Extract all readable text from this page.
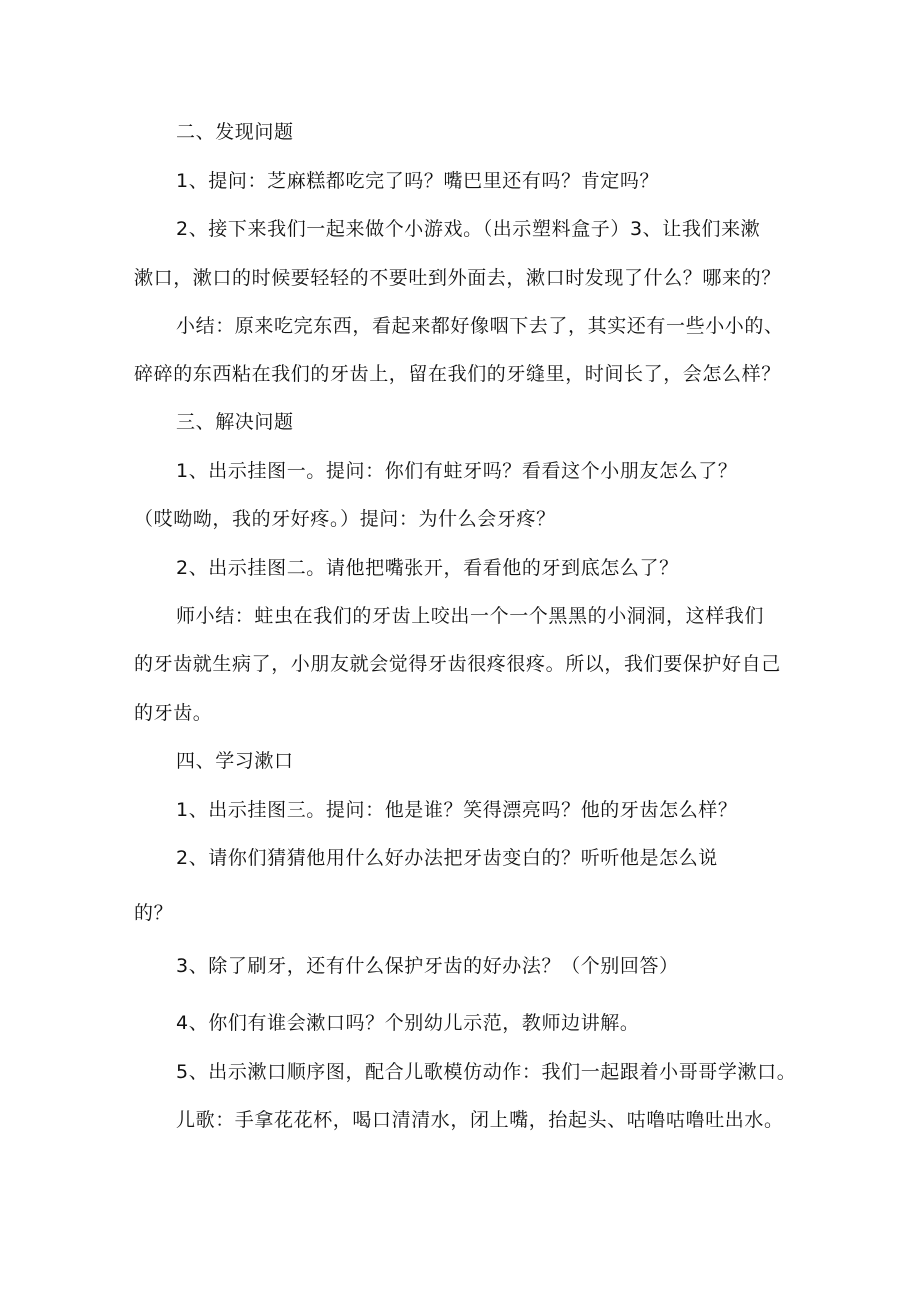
二、发现问题
1、提问：芝麻糕都吃完了吗？嘴巴里还有吗？肯定吗？
2、接下来我们一起来做个小游戏。（出示塑料盒子）3、让我们来漱
漱口，漱口的时候要轻轻的不要吐到外面去，漱口时发现了什么？哪来的？
小结：原来吃完东西，看起来都好像咽下去了，其实还有一些小小的、
碎碎的东西粘在我们的牙齿上，留在我们的牙缝里，时间长了，会怎么样？
三、解决问题
1、出示挂图一。提问：你们有蛀牙吗？看看这个小朋友怎么了？
（哎呦呦，我的牙好疼。）提问：为什么会牙疼？
2、出示挂图二。请他把嘴张开，看看他的牙到底怎么了？
师小结：蛀虫在我们的牙齿上咬出一个一个黑黑的小洞洞，这样我们
的牙齿就生病了，小朋友就会觉得牙齿很疼很疼。所以，我们要保护好自己
的牙齿。
四、学习漱口
1、出示挂图三。提问：他是谁？笑得漂亮吗？他的牙齿怎么样？
2、请你们猜猜他用什么好办法把牙齿变白的？听听他是怎么说
的？
3、除了刷牙，还有什么保护牙齿的好办法？（个别回答）
4、你们有谁会漱口吗？个别幼儿示范，教师边讲解。
5、出示漱口顺序图，配合儿歌模仿动作：我们一起跟着小哥哥学漱口。
儿歌：手拿花花杯，喝口清清水，闭上嘴，抬起头、咕噜咕噜吐出水。
